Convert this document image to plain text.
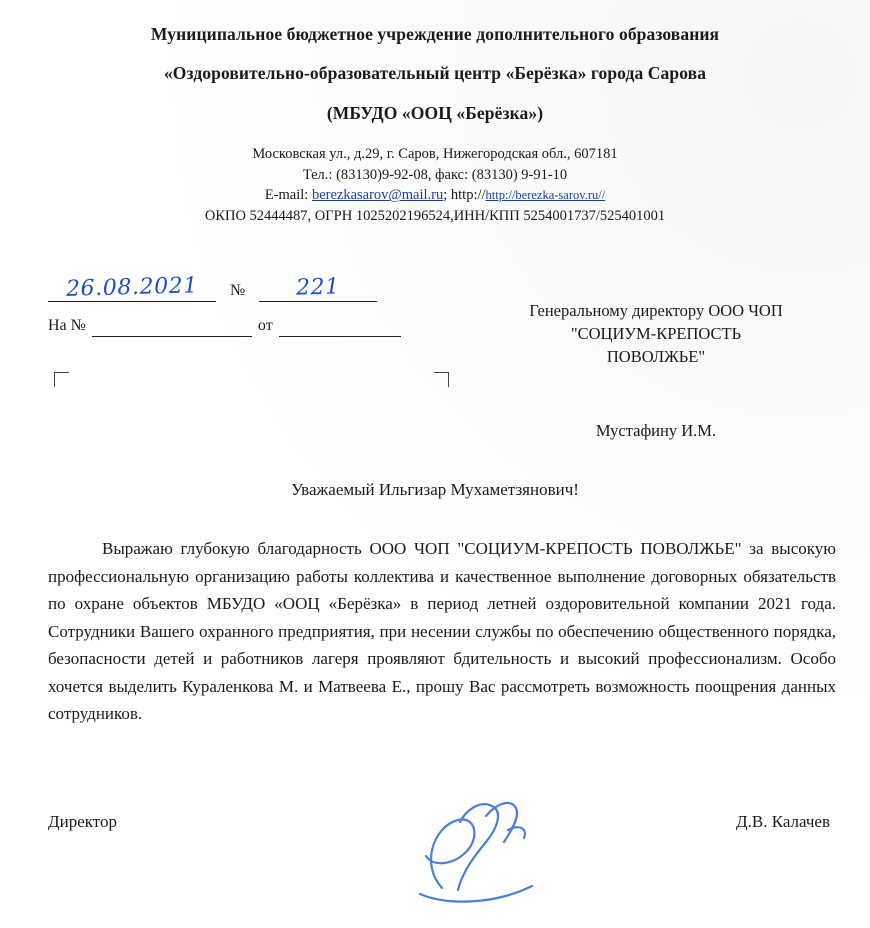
Муниципальное бюджетное учреждение дополнительного образования
«Оздоровительно-образовательный центр «Берёзка» города Сарова
(МБУДО «ООЦ «Берёзка»)
Московская ул., д.29, г. Саров, Нижегородская обл., 607181
Тел.: (83130)9-92-08, факс: (83130) 9-91-10
E-mail: berezkasarov@mail.ru; http://http://berezka-sarov.ru//
ОКПО 52444487, ОГРН 1025202196524,ИНН/КПП 5254001737/525401001
26.08.2021	№	221
На №	от
Генеральному директору ООО ЧОП
"СОЦИУМ-КРЕПОСТЬ
ПОВОЛЖЬЕ"
Мустафину И.М.
Уважаемый Ильгизар Мухаметзянович!

Выражаю глубокую благодарность ООО ЧОП "СОЦИУМ-КРЕПОСТЬ ПОВОЛЖЬЕ" за высокую профессиональную организацию работы коллектива и качественное выполнение договорных обязательств по охране объектов МБУДО «ООЦ «Берёзка» в период летней оздоровительной компании 2021 года. Сотрудники Вашего охранного предприятия, при несении службы по обеспечению общественного порядка, безопасности детей и работников лагеря проявляют бдительность и высокий профессионализм. Особо хочется выделить Кураленкова М. и Матвеева Е., прошу Вас рассмотреть возможность поощрения данных сотрудников.

Директор	Д.В. Калачев
